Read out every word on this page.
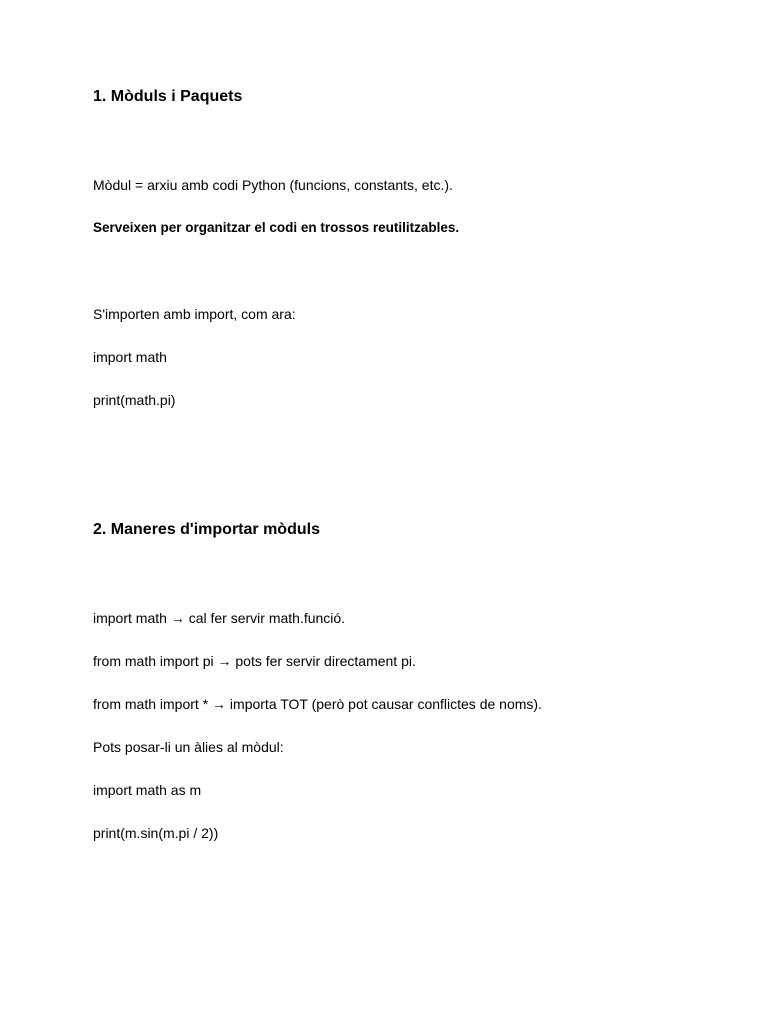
1. Mòduls i Paquets
Mòdul = arxiu amb codi Python (funcions, constants, etc.).
Serveixen per organitzar el codi en trossos reutilitzables.
S'importen amb import, com ara:
import math
print(math.pi)
2. Maneres d'importar mòduls
import math → cal fer servir math.funció.
from math import pi → pots fer servir directament pi.
from math import * → importa TOT (però pot causar conflictes de noms).
Pots posar-li un àlies al mòdul:
import math as m
print(m.sin(m.pi / 2))
